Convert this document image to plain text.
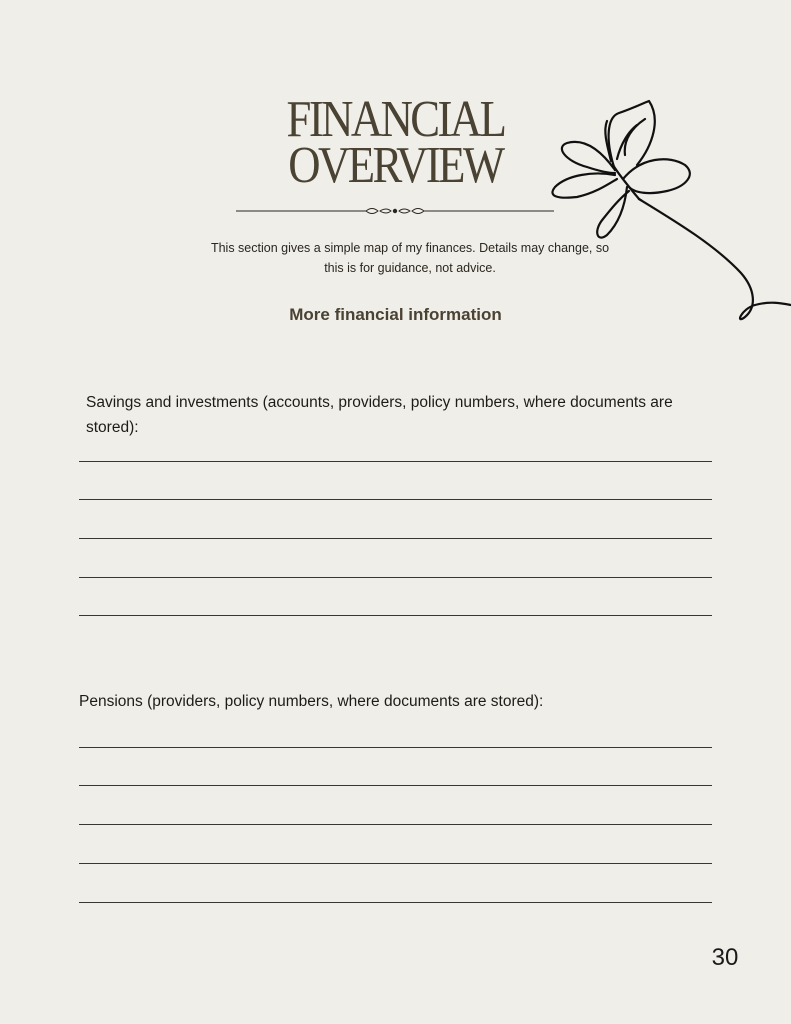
FINANCIAL
OVERVIEW
This section gives a simple map of my finances. Details may change, so this is for guidance, not advice.
More financial information
Savings and investments (accounts, providers, policy numbers, where documents are stored):
Pensions (providers, policy numbers, where documents are stored):
30
